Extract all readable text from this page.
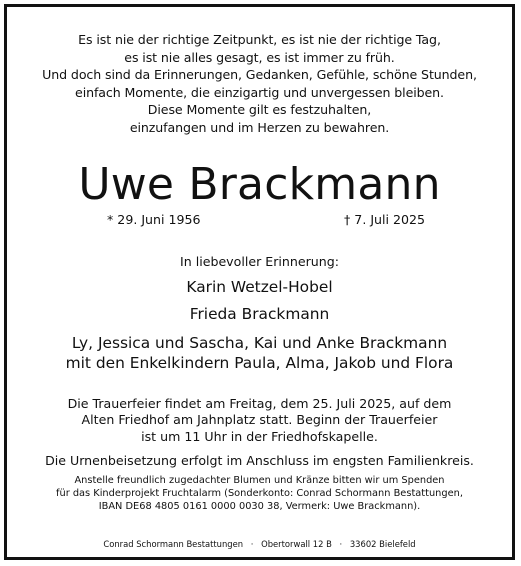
Es ist nie der richtige Zeitpunkt, es ist nie der richtige Tag,
es ist nie alles gesagt, es ist immer zu früh.
Und doch sind da Erinnerungen, Gedanken, Gefühle, schöne Stunden,
einfach Momente, die einzigartig und unvergessen bleiben.
Diese Momente gilt es festzuhalten,
einzufangen und im Herzen zu bewahren.
Uwe Brackmann
* 29. Juni 1956	† 7. Juli 2025
In liebevoller Erinnerung:
Karin Wetzel-Hobel
Frieda Brackmann
Ly, Jessica und Sascha, Kai und Anke Brackmann
mit den Enkelkindern Paula, Alma, Jakob und Flora
Die Trauerfeier findet am Freitag, dem 25. Juli 2025, auf dem
Alten Friedhof am Jahnplatz statt. Beginn der Trauerfeier
ist um 11 Uhr in der Friedhofskapelle.
Die Urnenbeisetzung erfolgt im Anschluss im engsten Familienkreis.
Anstelle freundlich zugedachter Blumen und Kränze bitten wir um Spenden
für das Kinderprojekt Fruchtalarm (Sonderkonto: Conrad Schormann Bestattungen,
IBAN DE68 4805 0161 0000 0030 38, Vermerk: Uwe Brackmann).
Conrad Schormann Bestattungen · Obertorwall 12 B · 33602 Bielefeld
